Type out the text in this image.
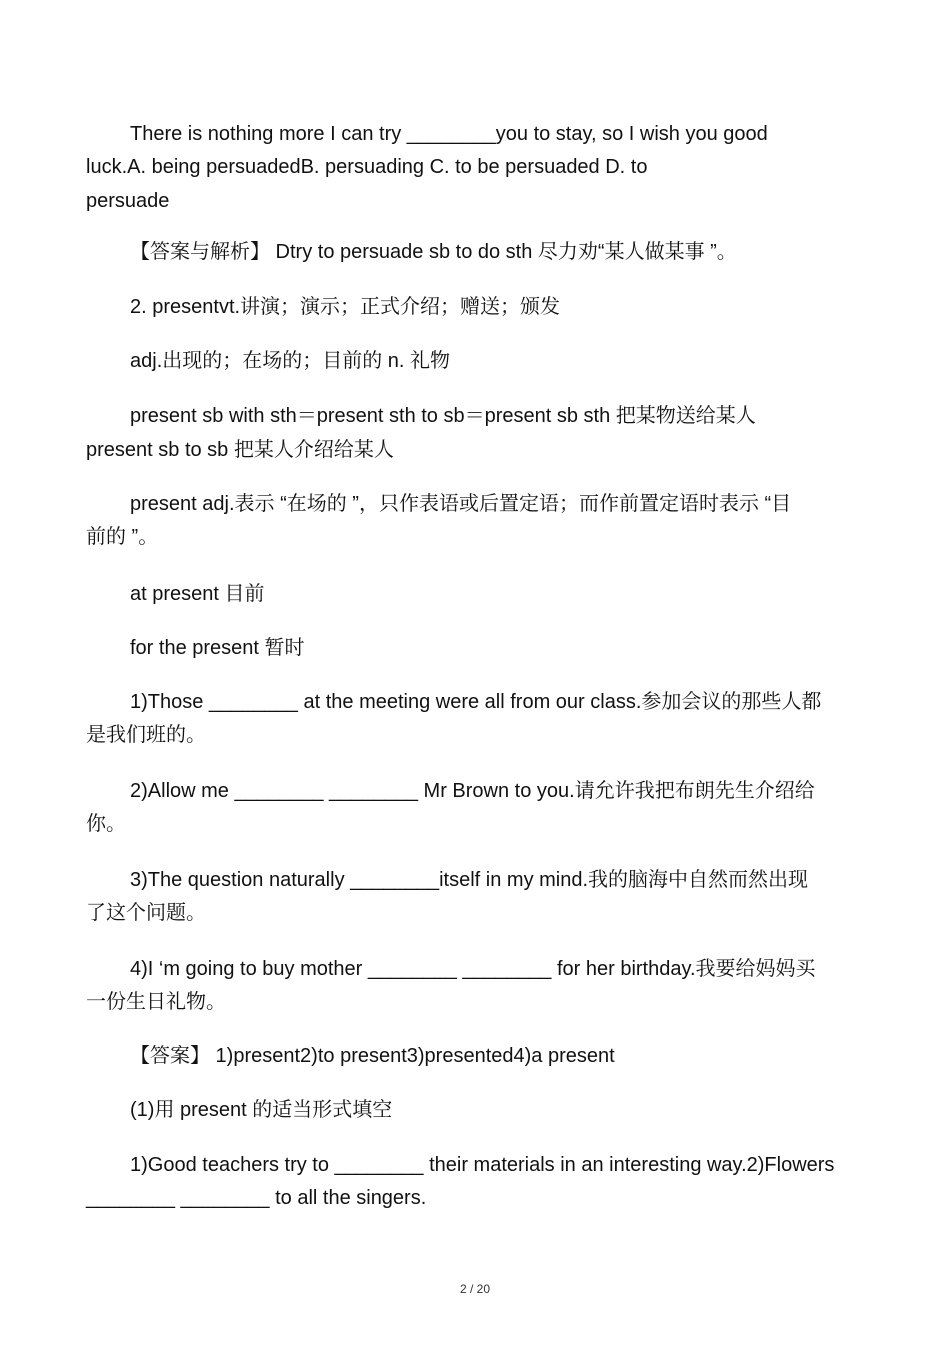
There is nothing more I can try ________you to stay, so I wish you good
luck.A. being persuadedB. persuading C. to be persuaded D. to
persuade
【答案与解析】 Dtry to persuade sb to do sth 尽力劝“某人做某事 ”。
2. presentvt.讲演；演示；正式介绍；赠送；颁发
adj.出现的；在场的；目前的 n. 礼物
present sb with sth＝present sth to sb＝present sb sth 把某物送给某人
present sb to sb 把某人介绍给某人
present adj.表示 “在场的 ”，只作表语或后置定语；而作前置定语时表示 “目
前的 ”。
at present 目前
for the present 暂时
1)Those ________ at the meeting were all from our class.参加会议的那些人都
是我们班的。
2)Allow me ________ ________ Mr Brown to you.请允许我把布朗先生介绍给
你。
3)The question naturally ________itself in my mind.我的脑海中自然而然出现
了这个问题。
4)I ‘m going to buy mother ________ ________ for her birthday.我要给妈妈买
一份生日礼物。
【答案】 1)present2)to present3)presented4)a present
(1)用 present 的适当形式填空
1)Good teachers try to ________ their materials in an interesting way.2)Flowers
________ ________ to all the singers.
2 / 20
